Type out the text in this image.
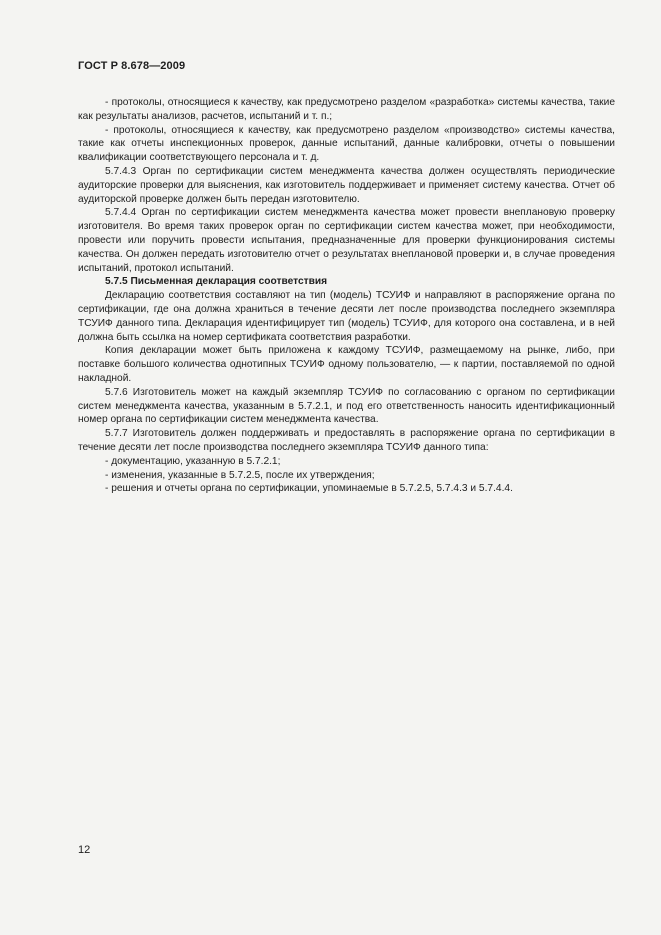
ГОСТ Р 8.678—2009

- протоколы, относящиеся к качеству, как предусмотрено разделом «разработка» системы качества, такие как результаты анализов, расчетов, испытаний и т. п.;

- протоколы, относящиеся к качеству, как предусмотрено разделом «производство» системы качества, такие как отчеты инспекционных проверок, данные испытаний, данные калибровки, отчеты о повышении квалификации соответствующего персонала и т. д.

5.7.4.3 Орган по сертификации систем менеджмента качества должен осуществлять периодические аудиторские проверки для выяснения, как изготовитель поддерживает и применяет систему качества. Отчет об аудиторской проверке должен быть передан изготовителю.

5.7.4.4 Орган по сертификации систем менеджмента качества может провести внеплановую проверку изготовителя. Во время таких проверок орган по сертификации систем качества может, при необходимости, провести или поручить провести испытания, предназначенные для проверки функционирования системы качества. Он должен передать изготовителю отчет о результатах внеплановой проверки и, в случае проведения испытаний, протокол испытаний.

5.7.5 Письменная декларация соответствия

Декларацию соответствия составляют на тип (модель) ТСУИФ и направляют в распоряжение органа по сертификации, где она должна храниться в течение десяти лет после производства последнего экземпляра ТСУИФ данного типа. Декларация идентифицирует тип (модель) ТСУИФ, для которого она составлена, и в ней должна быть ссылка на номер сертификата соответствия разработки.

Копия декларации может быть приложена к каждому ТСУИФ, размещаемому на рынке, либо, при поставке большого количества однотипных ТСУИФ одному пользователю, — к партии, поставляемой по одной накладной.

5.7.6 Изготовитель может на каждый экземпляр ТСУИФ по согласованию с органом по сертификации систем менеджмента качества, указанным в 5.7.2.1, и под его ответственность наносить идентификационный номер органа по сертификации систем менеджмента качества.

5.7.7 Изготовитель должен поддерживать и предоставлять в распоряжение органа по сертификации в течение десяти лет после производства последнего экземпляра ТСУИФ данного типа:

- документацию, указанную в 5.7.2.1;

- изменения, указанные в 5.7.2.5, после их утверждения;

- решения и отчеты органа по сертификации, упоминаемые в 5.7.2.5, 5.7.4.3 и 5.7.4.4.

12
